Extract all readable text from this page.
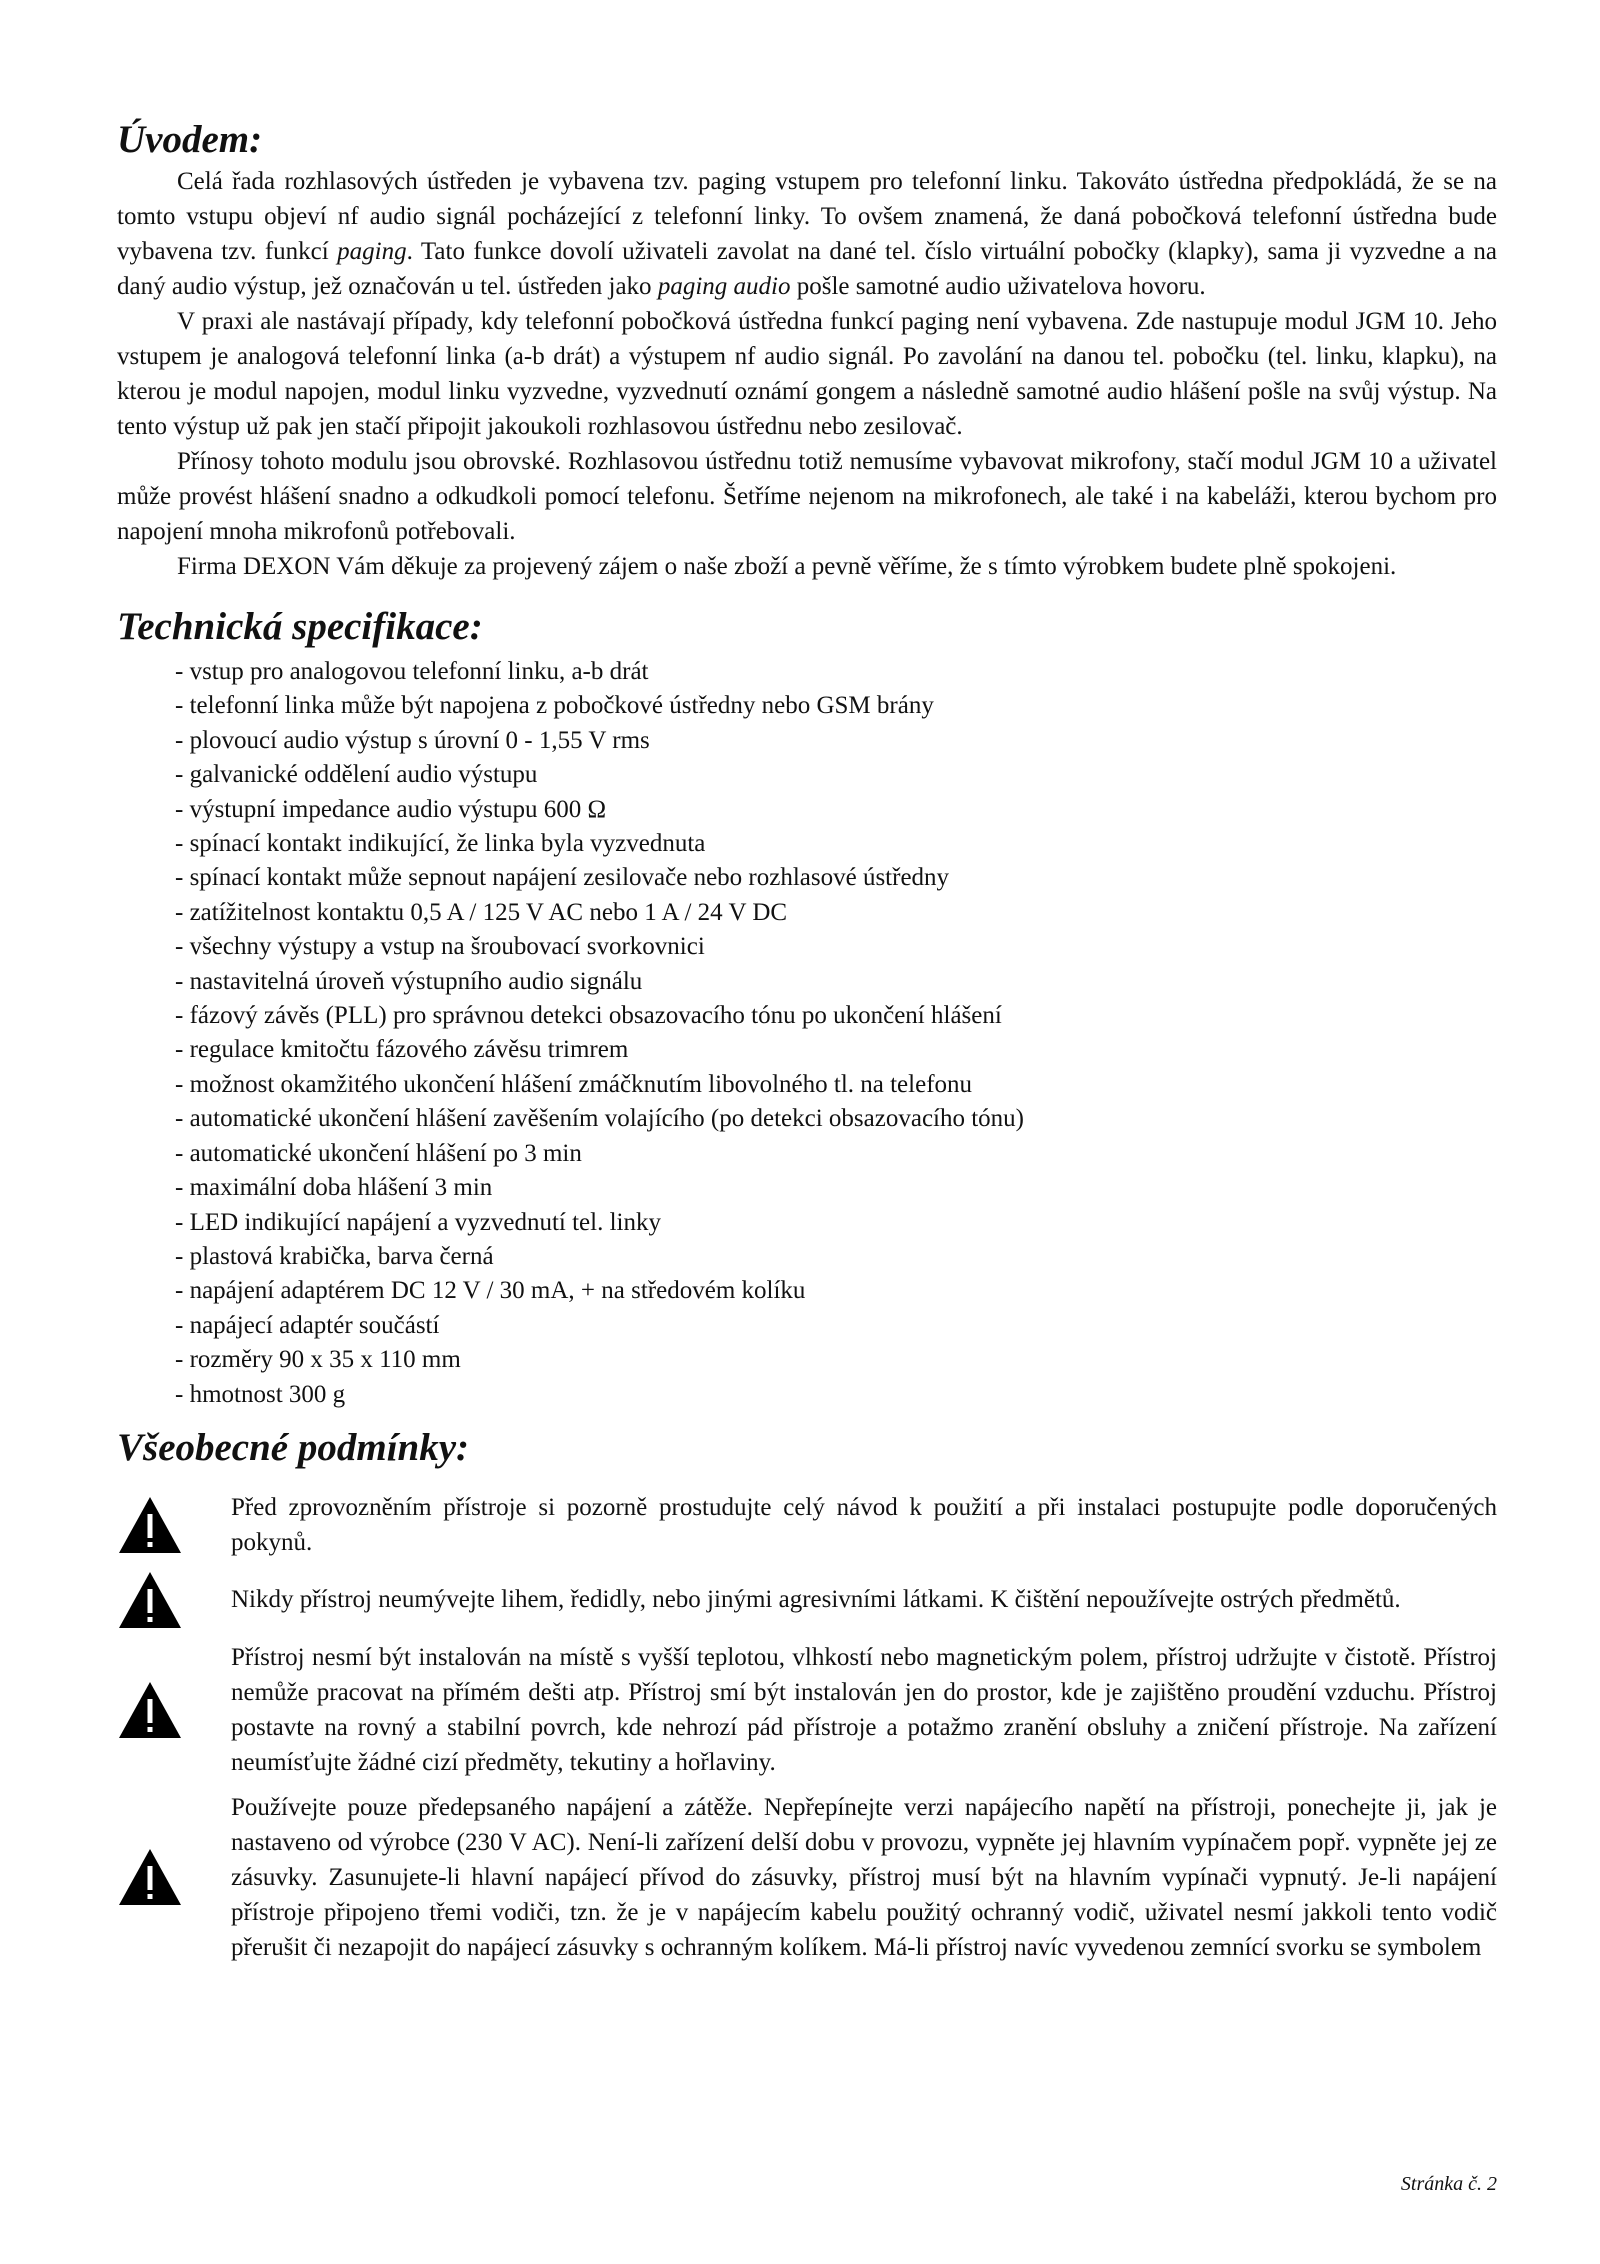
Úvodem:

Celá řada rozhlasových ústředen je vybavena tzv. paging vstupem pro telefonní linku. Takováto ústředna předpokládá, že se na tomto vstupu objeví nf audio signál pocházející z telefonní linky. To ovšem znamená, že daná pobočková telefonní ústředna bude vybavena tzv. funkcí paging. Tato funkce dovolí uživateli zavolat na dané tel. číslo virtuální pobočky (klapky), sama ji vyzvedne a na daný audio výstup, jež označován u tel. ústředen jako paging audio pošle samotné audio uživatelova hovoru.

V praxi ale nastávají případy, kdy telefonní pobočková ústředna funkcí paging není vybavena. Zde nastupuje modul JGM 10. Jeho vstupem je analogová telefonní linka (a-b drát) a výstupem nf audio signál. Po zavolání na danou tel. pobočku (tel. linku, klapku), na kterou je modul napojen, modul linku vyzvedne, vyzvednutí oznámí gongem a následně samotné audio hlášení pošle na svůj výstup. Na tento výstup už pak jen stačí připojit jakoukoli rozhlasovou ústřednu nebo zesilovač.

Přínosy tohoto modulu jsou obrovské. Rozhlasovou ústřednu totiž nemusíme vybavovat mikrofony, stačí modul JGM 10 a uživatel může provést hlášení snadno a odkudkoli pomocí telefonu. Šetříme nejenom na mikrofonech, ale také i na kabeláži, kterou bychom pro napojení mnoha mikrofonů potřebovali.

Firma DEXON Vám děkuje za projevený zájem o naše zboží a pevně věříme, že s tímto výrobkem budete plně spokojeni.

Technická specifikace:
- vstup pro analogovou telefonní linku, a-b drát
- telefonní linka může být napojena z pobočkové ústředny nebo GSM brány
- plovoucí audio výstup s úrovní 0 - 1,55 V rms
- galvanické oddělení audio výstupu
- výstupní impedance audio výstupu 600 Ω
- spínací kontakt indikující, že linka byla vyzvednuta
- spínací kontakt může sepnout napájení zesilovače nebo rozhlasové ústředny
- zatížitelnost kontaktu 0,5 A / 125 V AC nebo 1 A / 24 V DC
- všechny výstupy a vstup na šroubovací svorkovnici
- nastavitelná úroveň výstupního audio signálu
- fázový závěs (PLL) pro správnou detekci obsazovacího tónu po ukončení hlášení
- regulace kmitočtu fázového závěsu trimrem
- možnost okamžitého ukončení hlášení zmáčknutím libovolného tl. na telefonu
- automatické ukončení hlášení zavěšením volajícího (po detekci obsazovacího tónu)
- automatické ukončení hlášení po 3 min
- maximální doba hlášení 3 min
- LED indikující napájení a vyzvednutí tel. linky
- plastová krabička, barva černá
- napájení adaptérem DC 12 V / 30 mA, + na středovém kolíku
- napájecí adaptér součástí
- rozměry 90 x 35 x 110 mm
- hmotnost 300 g
Všeobecné podmínky:

Před zprovozněním přístroje si pozorně prostudujte celý návod k použití a při instalaci postupujte podle doporučených pokynů.

Nikdy přístroj neumývejte lihem, ředidly, nebo jinými agresivními látkami. K čištění nepoužívejte ostrých předmětů.

Přístroj nesmí být instalován na místě s vyšší teplotou, vlhkostí nebo magnetickým polem, přístroj udržujte v čistotě. Přístroj nemůže pracovat na přímém dešti atp. Přístroj smí být instalován jen do prostor, kde je zajištěno proudění vzduchu. Přístroj postavte na rovný a stabilní povrch, kde nehrozí pád přístroje a potažmo zranění obsluhy a zničení přístroje. Na zařízení neumísťujte žádné cizí předměty, tekutiny a hořlaviny.

Používejte pouze předepsaného napájení a zátěže. Nepřepínejte verzi napájecího napětí na přístroji, ponechejte ji, jak je nastaveno od výrobce (230 V AC). Není-li zařízení delší dobu v provozu, vypněte jej hlavním vypínačem popř. vypněte jej ze zásuvky. Zasunujete-li hlavní napájecí přívod do zásuvky, přístroj musí být na hlavním vypínači vypnutý. Je-li napájení přístroje připojeno třemi vodiči, tzn. že je v napájecím kabelu použitý ochranný vodič, uživatel nesmí jakkoli tento vodič přerušit či nezapojit do napájecí zásuvky s ochranným kolíkem. Má-li přístroj navíc vyvedenou zemnící svorku se symbolem

Stránka č. 2
